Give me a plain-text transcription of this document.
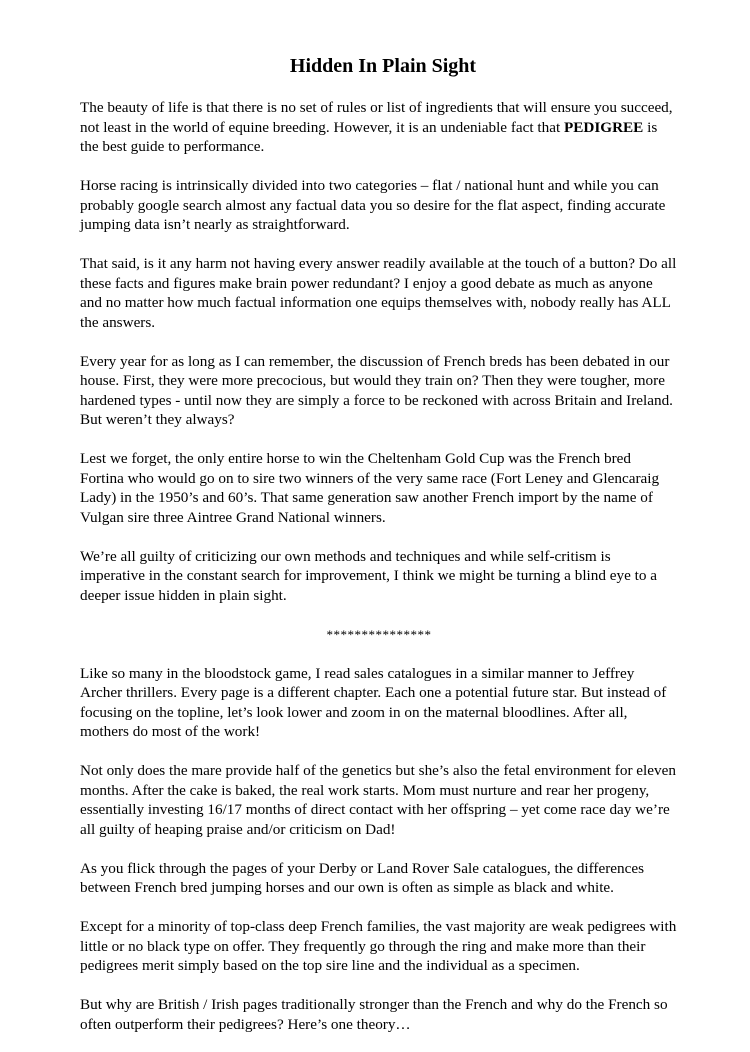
Hidden In Plain Sight

The beauty of life is that there is no set of rules or list of ingredients that will ensure you succeed, not least in the world of equine breeding. However, it is an undeniable fact that PEDIGREE is the best guide to performance.

Horse racing is intrinsically divided into two categories – flat / national hunt and while you can probably google search almost any factual data you so desire for the flat aspect, finding accurate jumping data isn’t nearly as straightforward.

That said, is it any harm not having every answer readily available at the touch of a button? Do all these facts and figures make brain power redundant? I enjoy a good debate as much as anyone and no matter how much factual information one equips themselves with, nobody really has ALL the answers.

Every year for as long as I can remember, the discussion of French breds has been debated in our house. First, they were more precocious, but would they train on? Then they were tougher, more hardened types - until now they are simply a force to be reckoned with across Britain and Ireland. But weren’t they always?

Lest we forget, the only entire horse to win the Cheltenham Gold Cup was the French bred Fortina who would go on to sire two winners of the very same race (Fort Leney and Glencaraig Lady) in the 1950’s and 60’s. That same generation saw another French import by the name of Vulgan sire three Aintree Grand National winners.

We’re all guilty of criticizing our own methods and techniques and while self-critism is imperative in the constant search for improvement, I think we might be turning a blind eye to a deeper issue hidden in plain sight.

***************

Like so many in the bloodstock game, I read sales catalogues in a similar manner to Jeffrey Archer thrillers. Every page is a different chapter. Each one a potential future star. But instead of focusing on the topline, let’s look lower and zoom in on the maternal bloodlines. After all, mothers do most of the work!

Not only does the mare provide half of the genetics but she’s also the fetal environment for eleven months. After the cake is baked, the real work starts. Mom must nurture and rear her progeny, essentially investing 16/17 months of direct contact with her offspring – yet come race day we’re all guilty of heaping praise and/or criticism on Dad!

As you flick through the pages of your Derby or Land Rover Sale catalogues, the differences between French bred jumping horses and our own is often as simple as black and white.

Except for a minority of top-class deep French families, the vast majority are weak pedigrees with little or no black type on offer. They frequently go through the ring and make more than their pedigrees merit simply based on the top sire line and the individual as a specimen.

But why are British / Irish pages traditionally stronger than the French and why do the French so often outperform their pedigrees? Here’s one theory…
